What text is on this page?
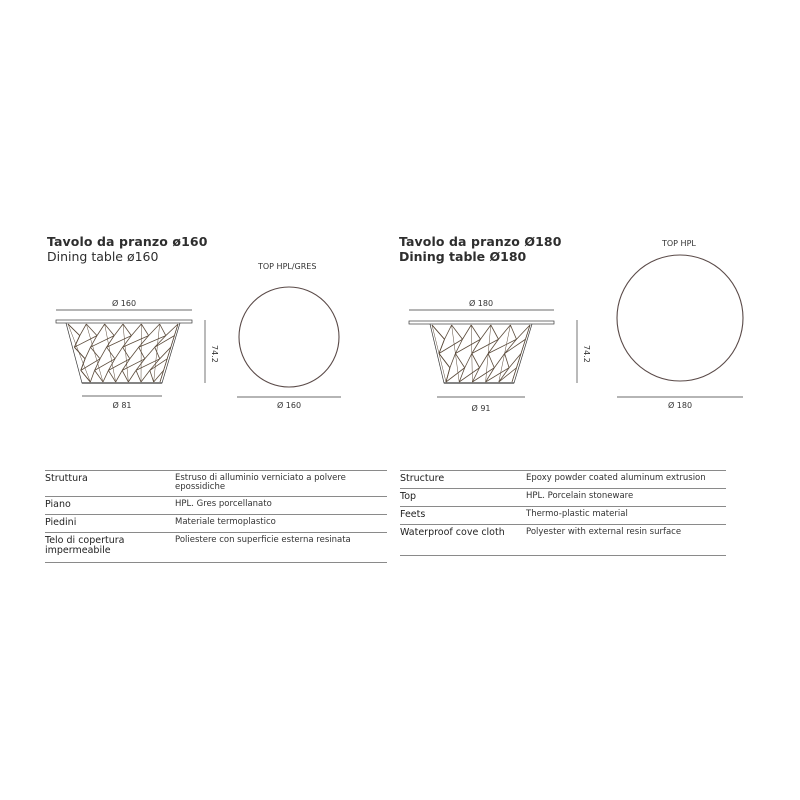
Tavolo da pranzo ø160
Dining table ø160
TOP HPL/GRES
Ø 160
Ø 81
74.2
Ø 160
Tavolo da pranzo Ø180
Dining table Ø180
TOP HPL
Ø 180
Ø 91
74.2
Ø 180
Struttura	Estruso di alluminio verniciato a polvere epossidiche
Piano	HPL. Gres porcellanato
Piedini	Materiale termoplastico
Telo di copertura impermeabile	Poliestere con superficie esterna resinata
Structure	Epoxy powder coated aluminum extrusion
Top	HPL. Porcelain stoneware
Feets	Thermo-plastic material
Waterproof cove cloth	Polyester with external resin surface
